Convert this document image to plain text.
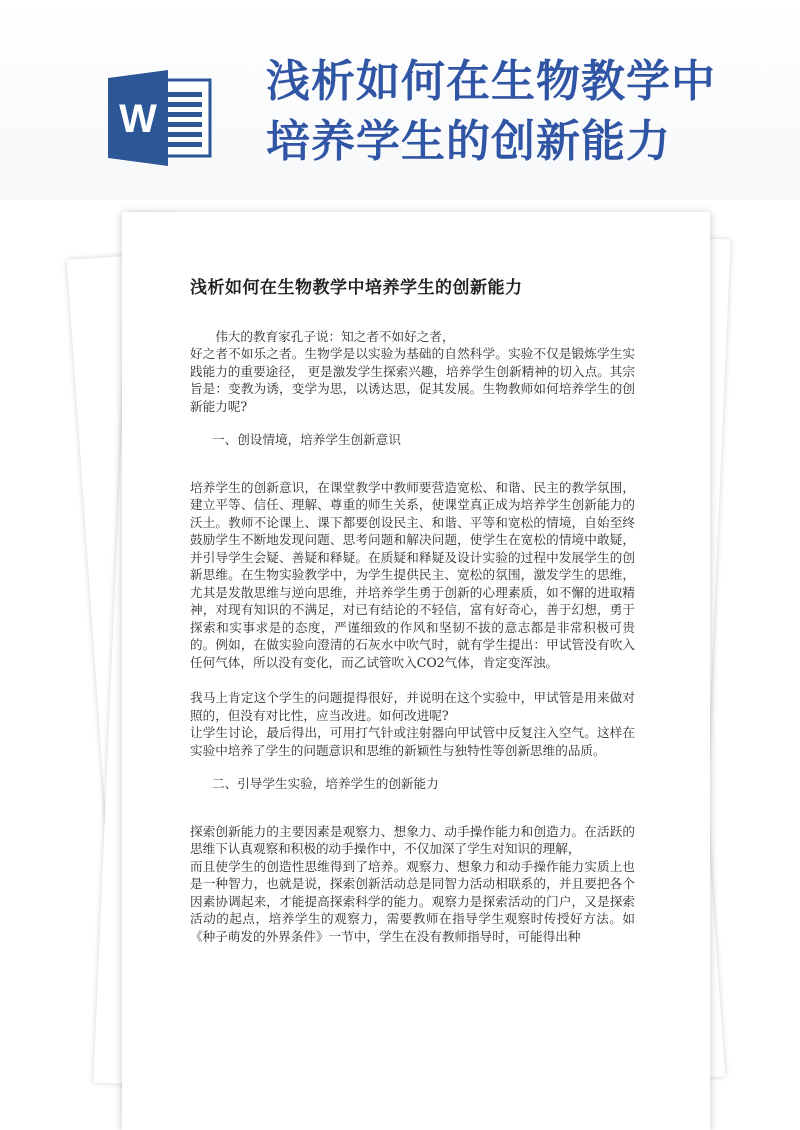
W
浅析如何在生物教学中
培养学生的创新能力
浅析如何在生物教学中培养学生的创新能力

伟大的教育家孔子说：知之者不如好之者，

好之者不如乐之者。生物学是以实验为基础的自然科学。实验不仅是锻炼学生实践能力的重要途径， 更是激发学生探索兴趣，培养学生创新精神的切入点。其宗旨是：变教为诱，变学为思，以诱达思，促其发展。生物教师如何培养学生的创新能力呢?

一、创设情境，培养学生创新意识

培养学生的创新意识，在课堂教学中教师要营造宽松、和谐、民主的教学氛围，建立平等、信任、理解、尊重的师生关系，使课堂真正成为培养学生创新能力的沃土。教师不论课上、课下都要创设民主、和谐、平等和宽松的情境，自始至终鼓励学生不断地发现问题、思考问题和解决问题，使学生在宽松的情境中敢疑，并引导学生会疑、善疑和释疑。在质疑和释疑及设计实验的过程中发展学生的创新思维。在生物实验教学中，为学生提供民主、宽松的氛围，激发学生的思维，尤其是发散思维与逆向思维，并培养学生勇于创新的心理素质，如不懈的进取精神，对现有知识的不满足，对已有结论的不轻信，富有好奇心，善于幻想，勇于探索和实事求是的态度，严谨细致的作风和坚韧不拔的意志都是非常积极可贵的。例如，在做实验向澄清的石灰水中吹气时，就有学生提出：甲试管没有吹入任何气体，所以没有变化，而乙试管吹入CO2气体，肯定变浑浊。

我马上肯定这个学生的问题提得很好，并说明在这个实验中，甲试管是用来做对照的，但没有对比性，应当改进。如何改进呢?

让学生讨论，最后得出，可用打气针或注射器向甲试管中反复注入空气。这样在实验中培养了学生的问题意识和思维的新颖性与独特性等创新思维的品质。

二、引导学生实验，培养学生的创新能力

探索创新能力的主要因素是观察力、想象力、动手操作能力和创造力。在活跃的思维下认真观察和积极的动手操作中，不仅加深了学生对知识的理解，

而且使学生的创造性思维得到了培养。观察力、想象力和动手操作能力实质上也是一种智力，也就是说，探索创新活动总是同智力活动相联系的，并且要把各个因素协调起来，才能提高探索科学的能力。观察力是探索活动的门户，又是探索活动的起点，培养学生的观察力，需要教师在指导学生观察时传授好方法。如《种子萌发的外界条件》一节中，学生在没有教师指导时，可能得出种
